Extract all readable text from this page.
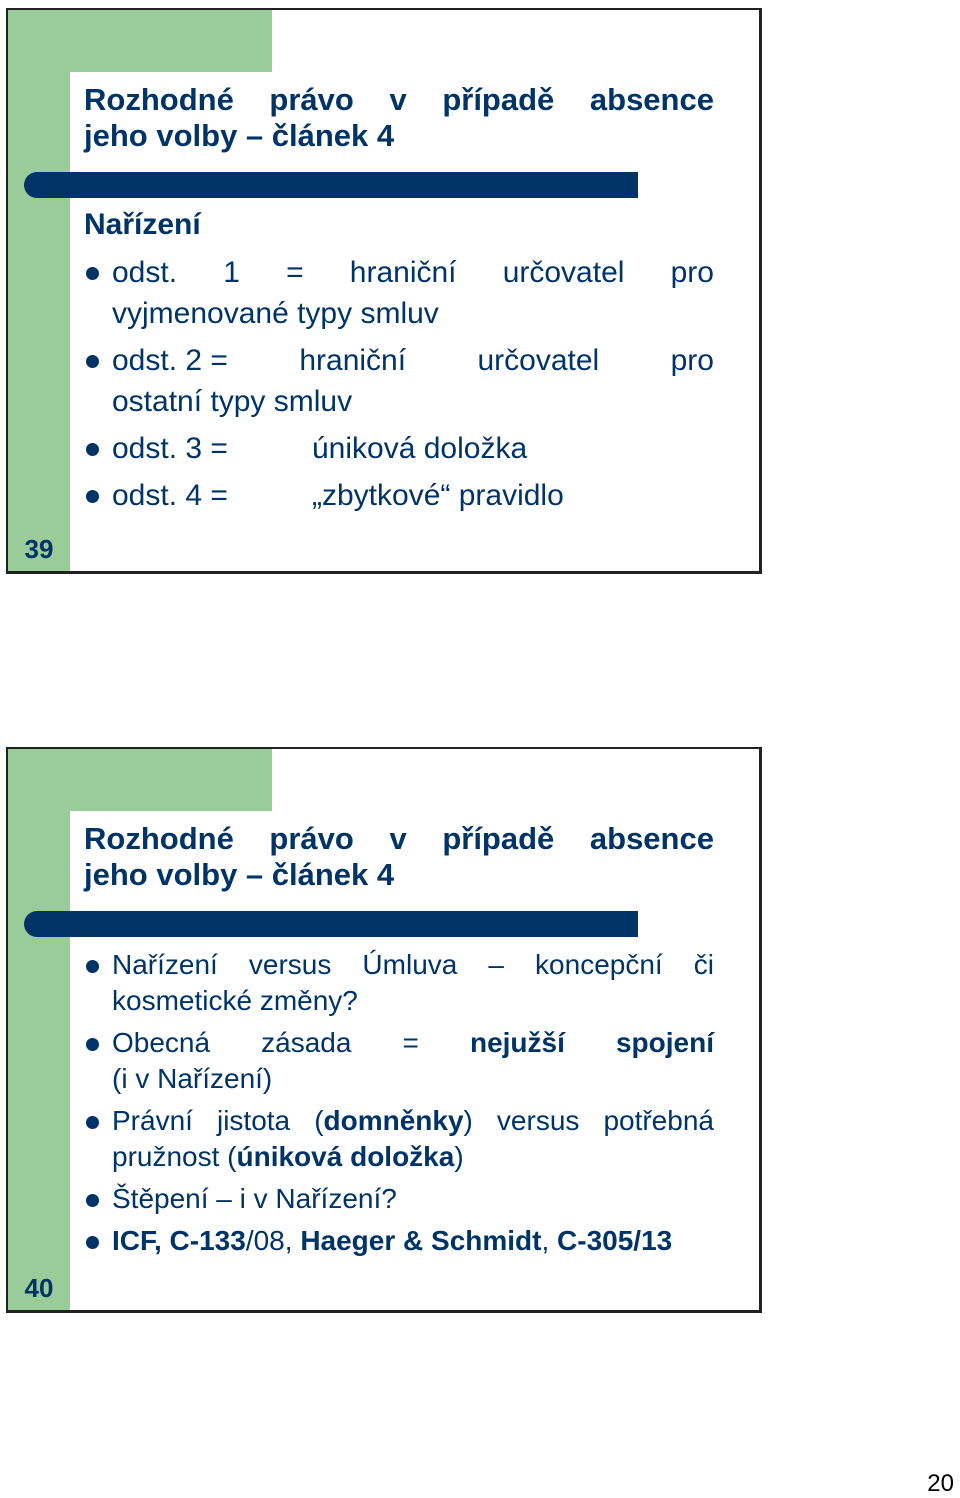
Rozhodné právo v případě absence
jeho volby – článek 4
Nařízení
odst. 1 = hraniční určovatel pro
vyjmenované typy smluv
odst. 2 = hraniční určovatel pro
ostatní typy smluv
odst. 3 =	úniková doložka
odst. 4 =	„zbytkové“ pravidlo
39
Rozhodné právo v případě absence
jeho volby – článek 4
Nařízení versus Úmluva – koncepční či
kosmetické změny?
Obecná zásada = nejužší spojení
(i v Nařízení)
Právní jistota (domněnky) versus potřebná
pružnost (úniková doložka)
Štěpení – i v Nařízení?
ICF, C-133/08, Haeger & Schmidt, C-305/13
40
20
